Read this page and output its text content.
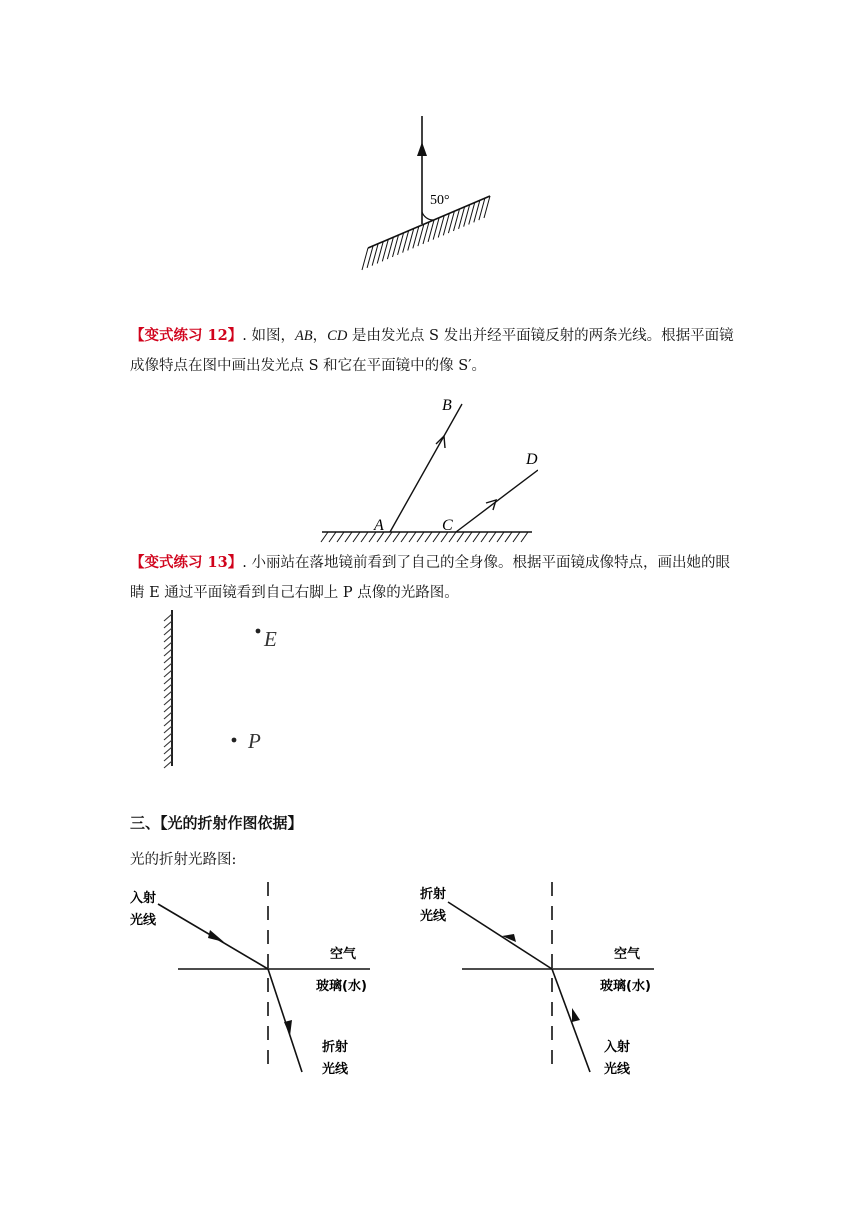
50°
【变式练习 12】. 如图，AB，CD 是由发光点 S 发出并经平面镜反射的两条光线。根据平面镜成像特点在图中画出发光点 S 和它在平面镜中的像 S′。
B
D
A	C
【变式练习 13】. 小丽站在落地镜前看到了自己的全身像。根据平面镜成像特点，画出她的眼睛 E 通过平面镜看到自己右脚上 P 点像的光路图。
E
P
三、【光的折射作图依据】
光的折射光路图:
入射
光线
空气
玻璃(水)
折射
光线
折射
光线
空气
玻璃(水)
入射
光线
